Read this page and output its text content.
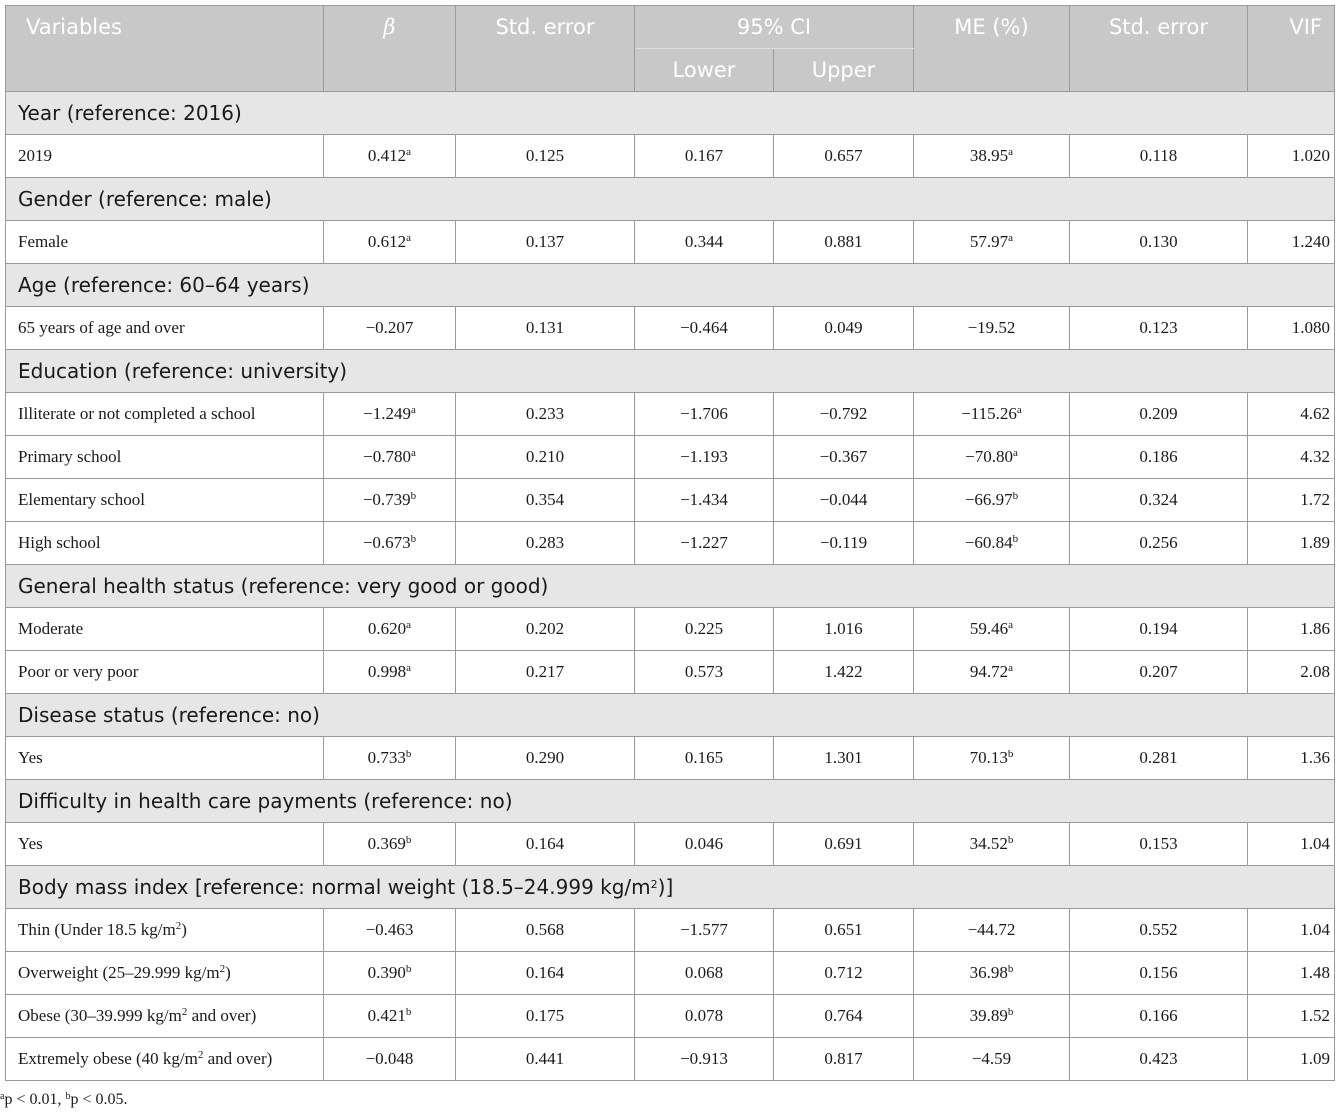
Variables	β	Std. error	95% CI		ME (%)	Std. error	VIF
			Lower	Upper			
Year (reference: 2016)							
2019	0.412$^a$	0.125	0.167	0.657	38.95$^a$	0.118	1.020
Gender (reference: male)							
Female	0.612$^a$	0.137	0.344	0.881	57.97$^a$	0.130	1.240
Age (reference: 60–64 years)							
65 years of age and over	−0.207	0.131	−0.464	0.049	−19.52	0.123	1.080
Education (reference: university)							
Illiterate or not completed a school	−1.249$^a$	0.233	−1.706	−0.792	−115.26$^a$	0.209	4.62
Primary school	−0.780$^a$	0.210	−1.193	−0.367	−70.80$^a$	0.186	4.32
Elementary school	−0.739$^b$	0.354	−1.434	−0.044	−66.97$^b$	0.324	1.72
High school	−0.673$^b$	0.283	−1.227	−0.119	−60.84$^b$	0.256	1.89
General health status (reference: very good or good)							
Moderate	0.620$^a$	0.202	0.225	1.016	59.46$^a$	0.194	1.86
Poor or very poor	0.998$^a$	0.217	0.573	1.422	94.72$^a$	0.207	2.08
Disease status (reference: no)							
Yes	0.733$^b$	0.290	0.165	1.301	70.13$^b$	0.281	1.36
Difficulty in health care payments (reference: no)							
Yes	0.369$^b$	0.164	0.046	0.691	34.52$^b$	0.153	1.04
Body mass index [reference: normal weight (18.5–24.999 $kg/m^2$)]							
Thin (Under 18.5 $kg/m^2$)	−0.463	0.568	−1.577	0.651	−44.72	0.552	1.04
Overweight (25–29.999 $kg/m^2$)	0.390$^b$	0.164	0.068	0.712	36.98$^b$	0.156	1.48
Obese (30–39.999 $kg/m^2$ and over)	0.421$^b$	0.175	0.078	0.764	39.89$^b$	0.166	1.52
Extremely obese (40 $kg/m^2$ and over)	−0.048	0.441	−0.913	0.817	−4.59	0.423	1.09
$^a$p < 0.01, $^b$p < 0.05.
